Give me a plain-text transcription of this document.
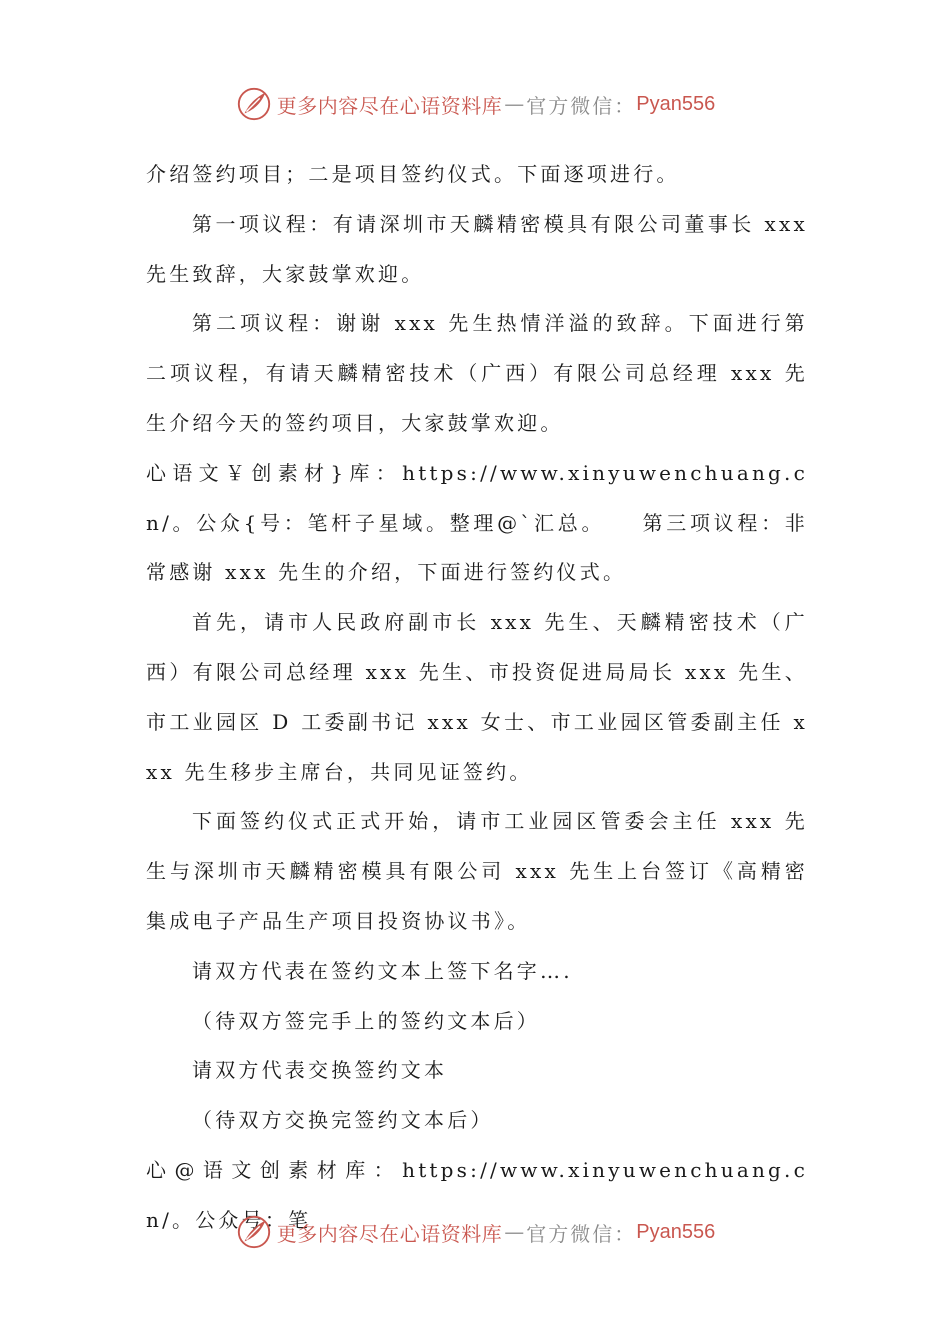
更多内容尽在心语资料库 — 官方微信： Pyan556

介绍签约项目；二是项目签约仪式。下面逐项进行。

第一项议程：有请深圳市天麟精密模具有限公司董事长 xxx 先生致辞，大家鼓掌欢迎。

第二项议程：谢谢 xxx 先生热情洋溢的致辞。下面进行第二项议程，有请天麟精密技术（广西）有限公司总经理 xxx 先生介绍今天的签约项目，大家鼓掌欢迎。

心语文￥创素材}库：https://www.xinyuwenchuang.cn/。公众{号：笔杆子星域。整理@`汇总。　　第三项议程：非常感谢 xxx 先生的介绍，下面进行签约仪式。

首先，请市人民政府副市长 xxx 先生、天麟精密技术（广西）有限公司总经理 xxx 先生、市投资促进局局长 xxx 先生、市工业园区 D 工委副书记 xxx 女士、市工业园区管委副主任 xxx 先生移步主席台，共同见证签约。

下面签约仪式正式开始，请市工业园区管委会主任 xxx 先生与深圳市天麟精密模具有限公司 xxx 先生上台签订《高精密集成电子产品生产项目投资协议书》。

请双方代表在签约文本上签下名字….

（待双方签完手上的签约文本后）

请双方代表交换签约文本

（待双方交换完签约文本后）

心@语文创素材库：https://www.xinyuwenchuang.cn/。公众号：笔

更多内容尽在心语资料库 — 官方微信： Pyan556
